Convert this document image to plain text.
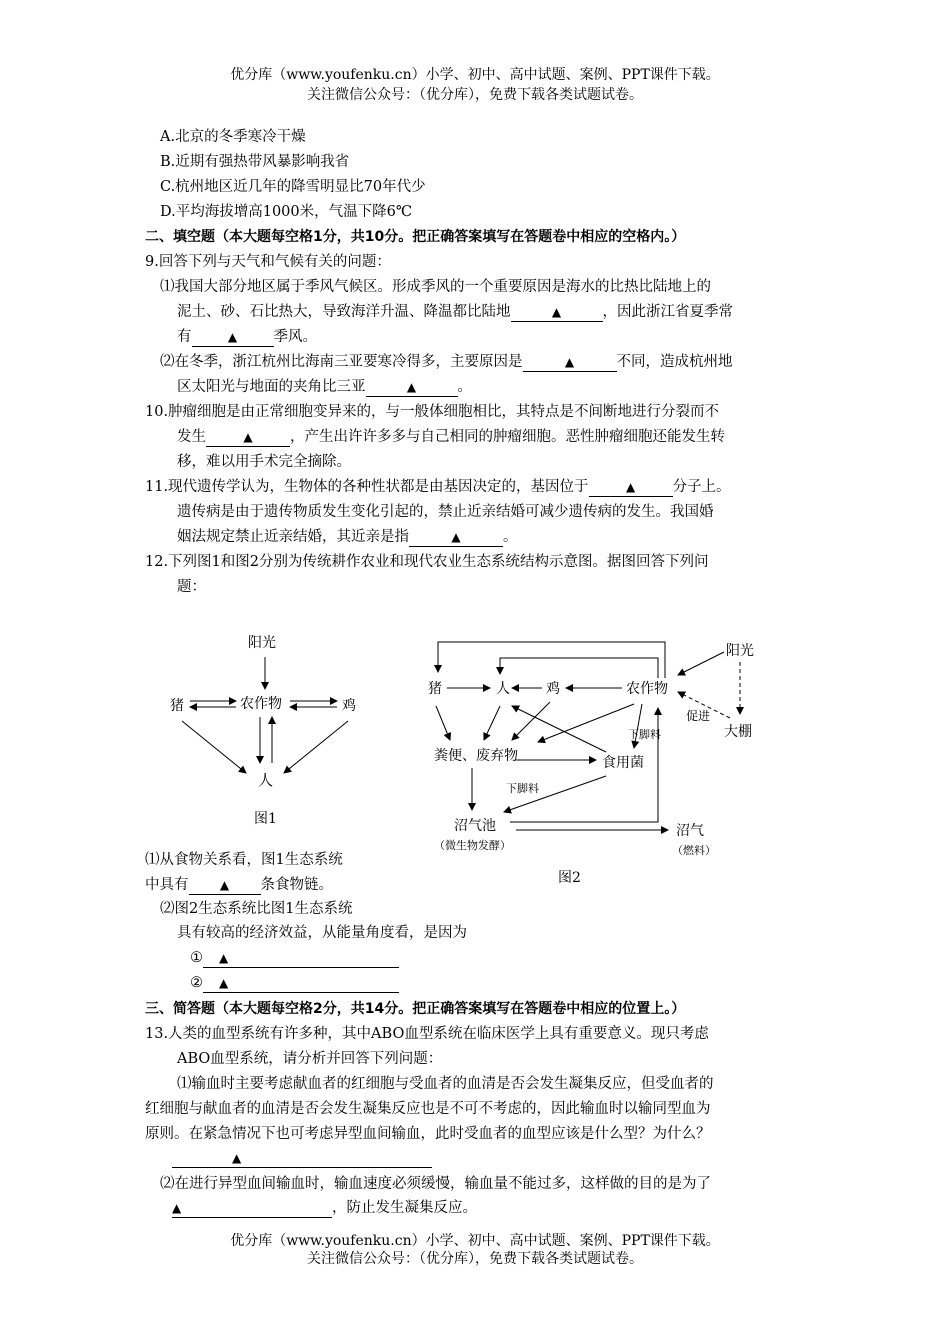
优分库（www.youfenku.cn）小学、初中、高中试题、案例、PPT课件下载。
关注微信公众号：（优分库），免费下载各类试题试卷。
A.北京的冬季寒冷干燥
B.近期有强热带风暴影响我省
C.杭州地区近几年的降雪明显比70年代少
D.平均海拔增高1000米，气温下降6℃
二、填空题（本大题每空格1分，共10分。把正确答案填写在答题卷中相应的空格内。）
9.回答下列与天气和气候有关的问题：
⑴我国大部分地区属于季风气候区。形成季风的一个重要原因是海水的比热比陆地上的
泥土、砂、石比热大，导致海洋升温、降温都比陆地	▲	，因此浙江省夏季常
有	▲	季风。
⑵在冬季，浙江杭州比海南三亚要寒冷得多，主要原因是	▲	不同，造成杭州地
区太阳光与地面的夹角比三亚	▲	。
10.肿瘤细胞是由正常细胞变异来的，与一般体细胞相比，其特点是不间断地进行分裂而不
发生	▲	，产生出许许多多与自己相同的肿瘤细胞。恶性肿瘤细胞还能发生转
移，难以用手术完全摘除。
11.现代遗传学认为，生物体的各种性状都是由基因决定的，基因位于	▲	分子上。
遗传病是由于遗传物质发生变化引起的，禁止近亲结婚可减少遗传病的发生。我国婚
姻法规定禁止近亲结婚，其近亲是指	▲	。
12.下列图1和图2分别为传统耕作农业和现代农业生态系统结构示意图。据图回答下列问
题：
阳光
农作物
猪	鸡
人
图1
阳光
猪	人	鸡	农作物
大棚
促进
粪便、废弃物	食用菌
下脚料
下脚料
沼气池
（微生物发酵）
沼气
（燃料）
图2
⑴从食物关系看，图1生态系统
中具有	▲ 条食物链。
⑵图2生态系统比图1生态系统
具有较高的经济效益，从能量角度看，是因为
① ▲
② ▲
三、简答题（本大题每空格2分，共14分。把正确答案填写在答题卷中相应的位置上。）
13.人类的血型系统有许多种，其中ABO血型系统在临床医学上具有重要意义。现只考虑
ABO血型系统，请分析并回答下列问题：
⑴输血时主要考虑献血者的红细胞与受血者的血清是否会发生凝集反应，但受血者的
红细胞与献血者的血清是否会发生凝集反应也是不可不考虑的，因此输血时以输同型血为
原则。在紧急情况下也可考虑异型血间输血，此时受血者的血型应该是什么型？为什么？
▲
⑵在进行异型血间输血时，输血速度必须缓慢，输血量不能过多，这样做的目的是为了
▲	，防止发生凝集反应。
优分库（www.youfenku.cn）小学、初中、高中试题、案例、PPT课件下载。
关注微信公众号：（优分库），免费下载各类试题试卷。
